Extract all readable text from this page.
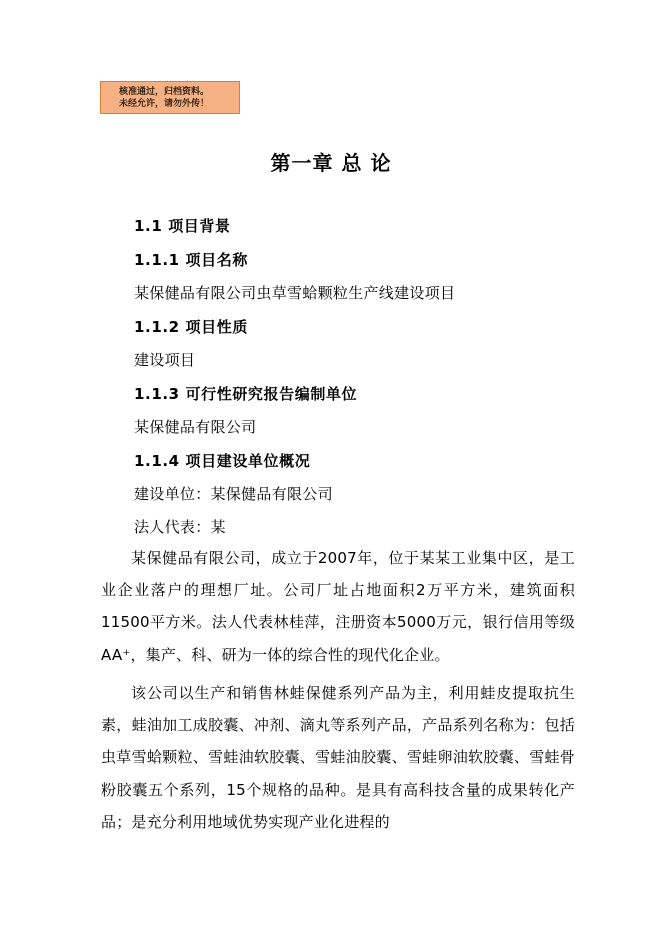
核准通过，归档资料。
未经允许，请勿外传！
第一章 总 论
1.1 项目背景
1.1.1 项目名称
某保健品有限公司虫草雪蛤颗粒生产线建设项目
1.1.2 项目性质
建设项目
1.1.3 可行性研究报告编制单位
某保健品有限公司
1.1.4 项目建设单位概况
建设单位：某保健品有限公司
法人代表：某
某保健品有限公司，成立于2007年，位于某某工业集中区，是工业企业落户的理想厂址。公司厂址占地面积2万平方米，建筑面积11500平方米。法人代表林桂萍，注册资本5000万元，银行信用等级AA⁺，集产、科、研为一体的综合性的现代化企业。
该公司以生产和销售林蛙保健系列产品为主，利用蛙皮提取抗生素，蛙油加工成胶囊、冲剂、滴丸等系列产品，产品系列名称为：包括虫草雪蛤颗粒、雪蛙油软胶囊、雪蛙油胶囊、雪蛙卵油软胶囊、雪蛙骨粉胶囊五个系列，15个规格的品种。是具有高科技含量的成果转化产品；是充分利用地域优势实现产业化进程的
